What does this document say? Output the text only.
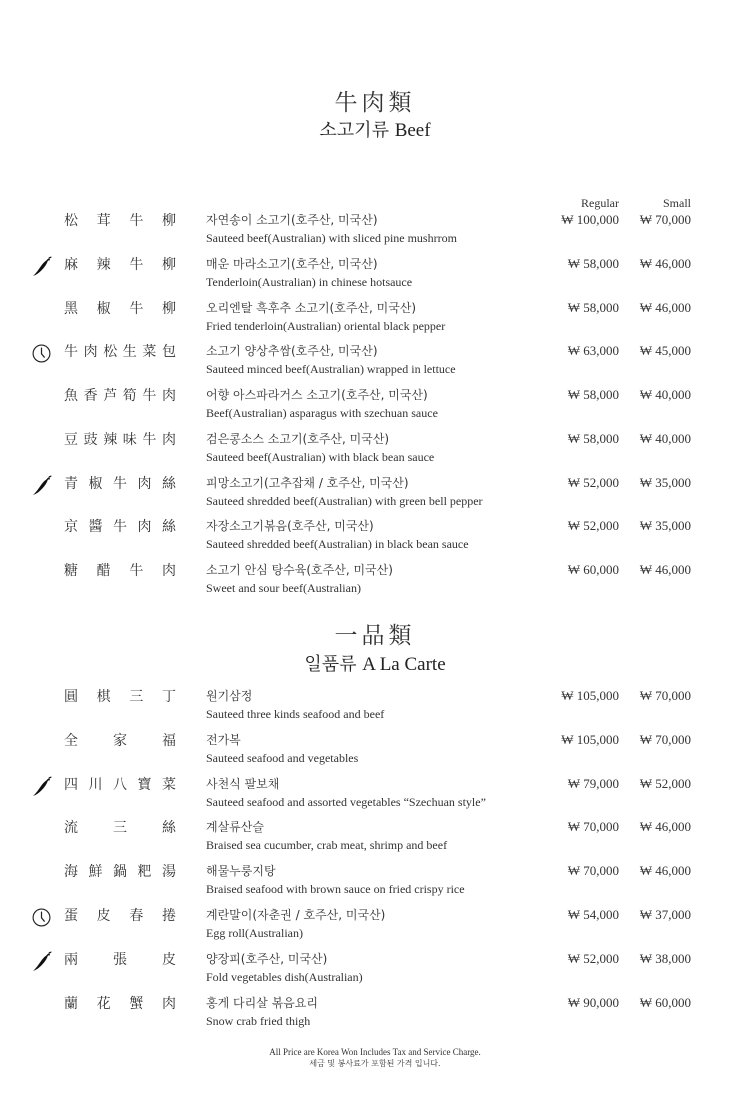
牛肉類
소고기류 Beef
Regular	Small
松 茸 牛 柳	자연송이 소고기(호주산, 미국산)
Sauteed beef(Australian) with sliced pine mushrrom
₩ 100,000 ₩ 70,000
麻 辣 牛 柳	매운 마라소고기(호주산, 미국산)
Tenderloin(Australian) in chinese hotsauce
₩ 58,000 ₩ 46,000
黑 椒 牛 柳	오리엔탈 흑후추 소고기(호주산, 미국산)
Fried tenderloin(Australian) oriental black pepper
₩ 58,000 ₩ 46,000
牛 肉 松 生 菜 包	소고기 양상추쌈(호주산, 미국산)
Sauteed minced beef(Australian) wrapped in lettuce
₩ 63,000 ₩ 45,000
魚 香 芦 筍 牛 肉	어향 아스파라거스 소고기(호주산, 미국산)
Beef(Australian) asparagus with szechuan sauce
₩ 58,000 ₩ 40,000
豆 豉 辣 味 牛 肉	검은콩소스 소고기(호주산, 미국산)
Sauteed beef(Australian) with black bean sauce
₩ 58,000 ₩ 40,000
青 椒 牛 肉 絲	피망소고기(고추잡채 / 호주산, 미국산)
Sauteed shredded beef(Australian) with green bell pepper
₩ 52,000 ₩ 35,000
京 醬 牛 肉 絲	자장소고기볶음(호주산, 미국산)
Sauteed shredded beef(Australian) in black bean sauce
₩ 52,000 ₩ 35,000
糖 醋 牛 肉	소고기 안심 탕수육(호주산, 미국산)
Sweet and sour beef(Australian)
₩ 60,000 ₩ 46,000
一品類
일품류 A La Carte
圓 棋 三 丁	원기삼정
Sauteed three kinds seafood and beef
₩ 105,000 ₩ 70,000
全	家	福	전가복
Sauteed seafood and vegetables
₩ 105,000 ₩ 70,000
四 川 八 寶 菜	사천식 팔보채
Sauteed seafood and assorted vegetables “Szechuan style”
₩ 79,000 ₩ 52,000
流	三	絲	계살류산슬
Braised sea cucumber, crab meat, shrimp and beef
₩ 70,000 ₩ 46,000
海 鮮 鍋 粑 湯	해물누룽지탕
Braised seafood with brown sauce on fried crispy rice
₩ 70,000 ₩ 46,000
蛋 皮 春 捲	계란말이(자춘권 / 호주산, 미국산)
Egg roll(Australian)
₩ 54,000 ₩ 37,000
兩	張	皮	양장피(호주산, 미국산)
Fold vegetables dish(Australian)
₩ 52,000 ₩ 38,000
蘭 花 蟹 肉	홍게 다리살 볶음요리
Snow crab fried thigh
₩ 90,000 ₩ 60,000
All Price are Korea Won Includes Tax and Service Charge.
세금 및 봉사료가 포함된 가격 입니다.
